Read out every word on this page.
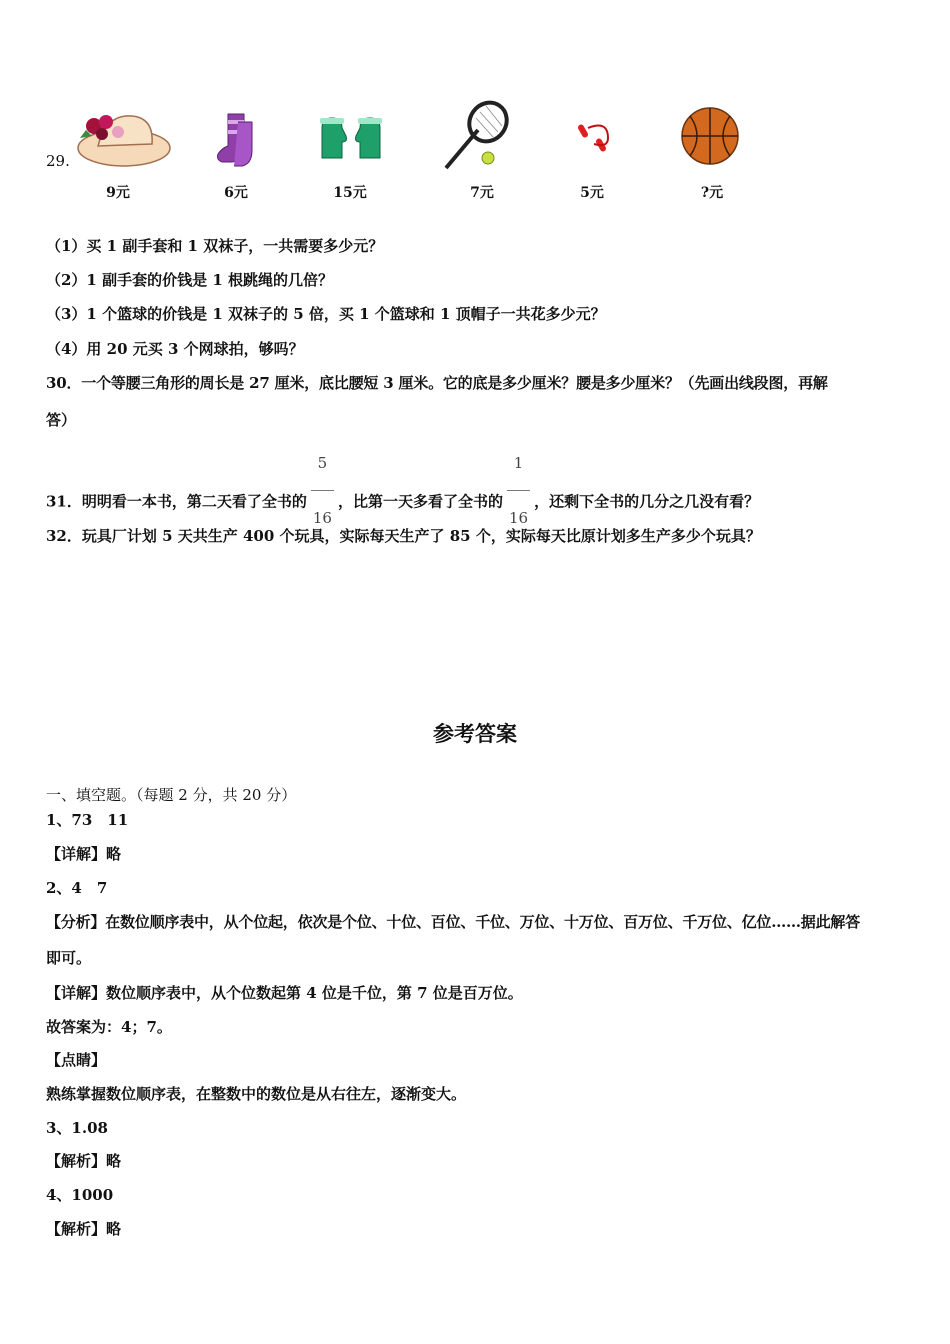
29.
9元	6元	15元	7元	5元	?元
（1）买 1 副手套和 1 双袜子，一共需要多少元？
（2）1 副手套的价钱是 1 根跳绳的几倍？
（3）1 个篮球的价钱是 1 双袜子的 5 倍，买 1 个篮球和 1 顶帽子一共花多少元？
（4）用 20 元买 3 个网球拍，够吗？
30．一个等腰三角形的周长是 27 厘米，底比腰短 3 厘米。它的底是多少厘米？腰是多少厘米？（先画出线段图，再解
答）
31．明明看一本书，第二天看了全书的 $\frac{5}{16}$ ，比第一天多看了全书的 $\frac{1}{16}$ ，还剩下全书的几分之几没有看？
32．玩具厂计划 5 天共生产 400 个玩具，实际每天生产了 85 个，实际每天比原计划多生产多少个玩具？
参考答案
一、填空题。（每题 2 分，共 20 分）
1、73　11
【详解】略
2、4　7
【分析】在数位顺序表中，从个位起，依次是个位、十位、百位、千位、万位、十万位、百万位、千万位、亿位……据此解答
即可。
【详解】数位顺序表中，从个位数起第 4 位是千位，第 7 位是百万位。
故答案为：4；7。
【点睛】
熟练掌握数位顺序表，在整数中的数位是从右往左，逐渐变大。
3、1.08
【解析】略
4、1000
【解析】略
